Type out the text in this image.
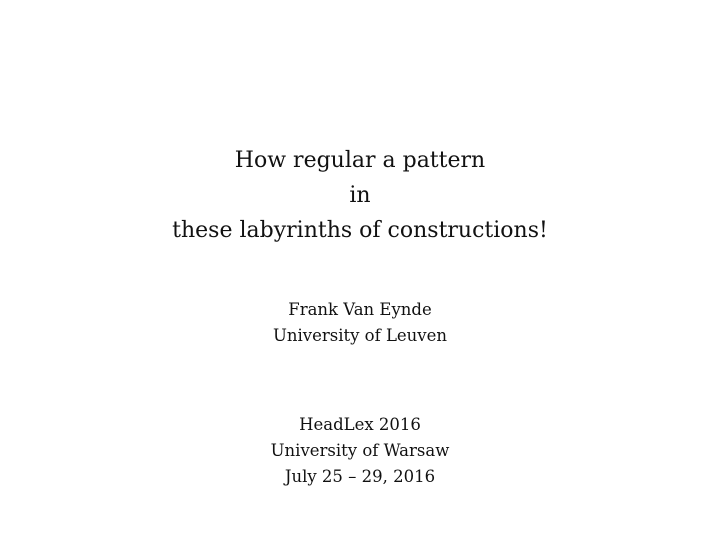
How regular a pattern
in
these labyrinths of constructions!
Frank Van Eynde
University of Leuven
HeadLex 2016
University of Warsaw
July 25 – 29, 2016
